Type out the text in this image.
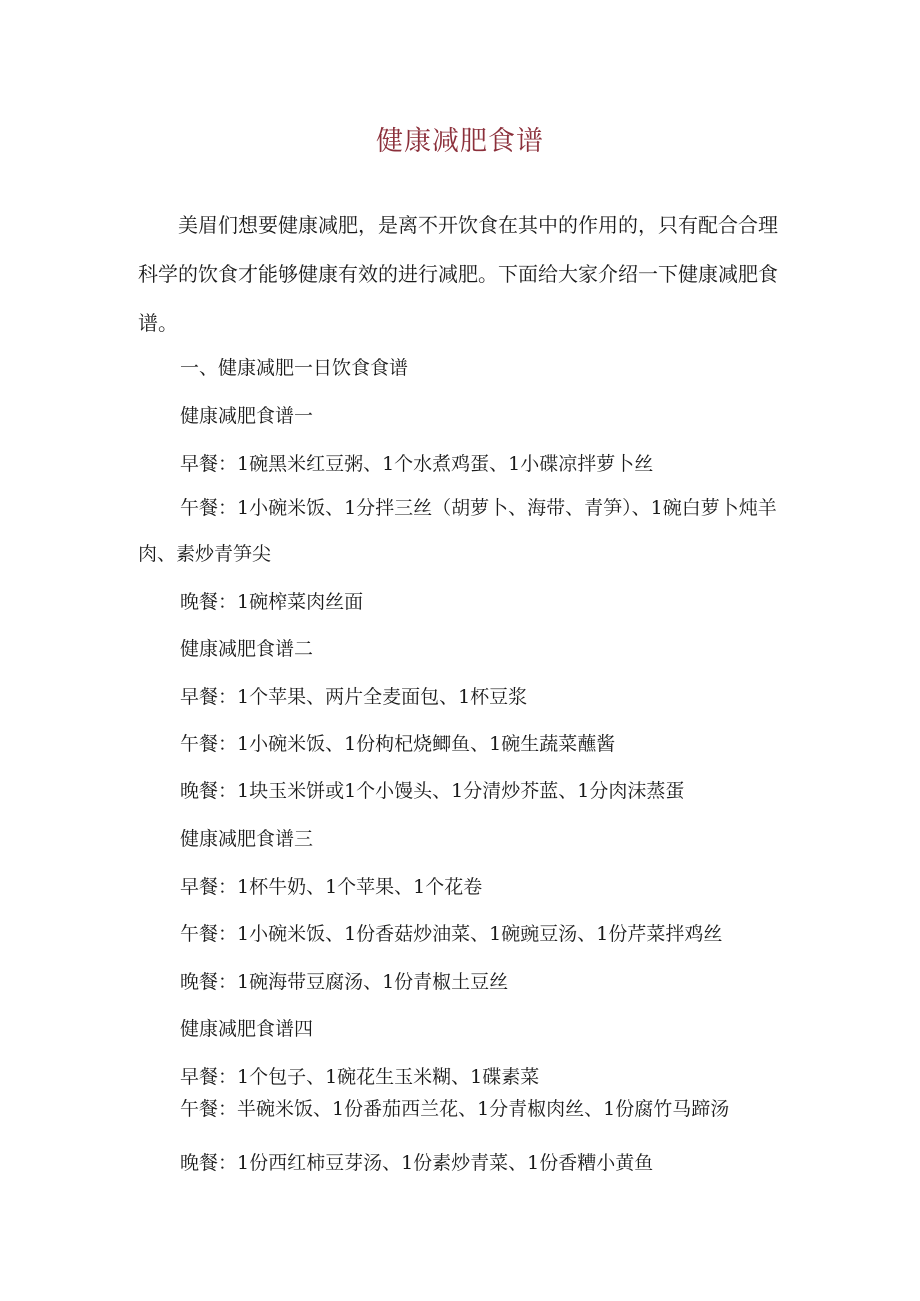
健康减肥食谱

美眉们想要健康减肥，是离不开饮食在其中的作用的，只有配合合理科学的饮食才能够健康有效的进行减肥。下面给大家介绍一下健康减肥食谱。

一、健康减肥一日饮食食谱

健康减肥食谱一

早餐：1碗黑米红豆粥、1个水煮鸡蛋、1小碟凉拌萝卜丝

午餐：1小碗米饭、1分拌三丝（胡萝卜、海带、青笋）、1碗白萝卜炖羊肉、素炒青笋尖

晚餐：1碗榨菜肉丝面

健康减肥食谱二

早餐：1个苹果、两片全麦面包、1杯豆浆

午餐：1小碗米饭、1份枸杞烧鲫鱼、1碗生蔬菜蘸酱

晚餐：1块玉米饼或1个小馒头、1分清炒芥蓝、1分肉沫蒸蛋

健康减肥食谱三

早餐：1杯牛奶、1个苹果、1个花卷

午餐：1小碗米饭、1份香菇炒油菜、1碗豌豆汤、1份芹菜拌鸡丝

晚餐：1碗海带豆腐汤、1份青椒土豆丝

健康减肥食谱四

早餐：1个包子、1碗花生玉米糊、1碟素菜

午餐：半碗米饭、1份番茄西兰花、1分青椒肉丝、1份腐竹马蹄汤

晚餐：1份西红柿豆芽汤、1份素炒青菜、1份香糟小黄鱼
